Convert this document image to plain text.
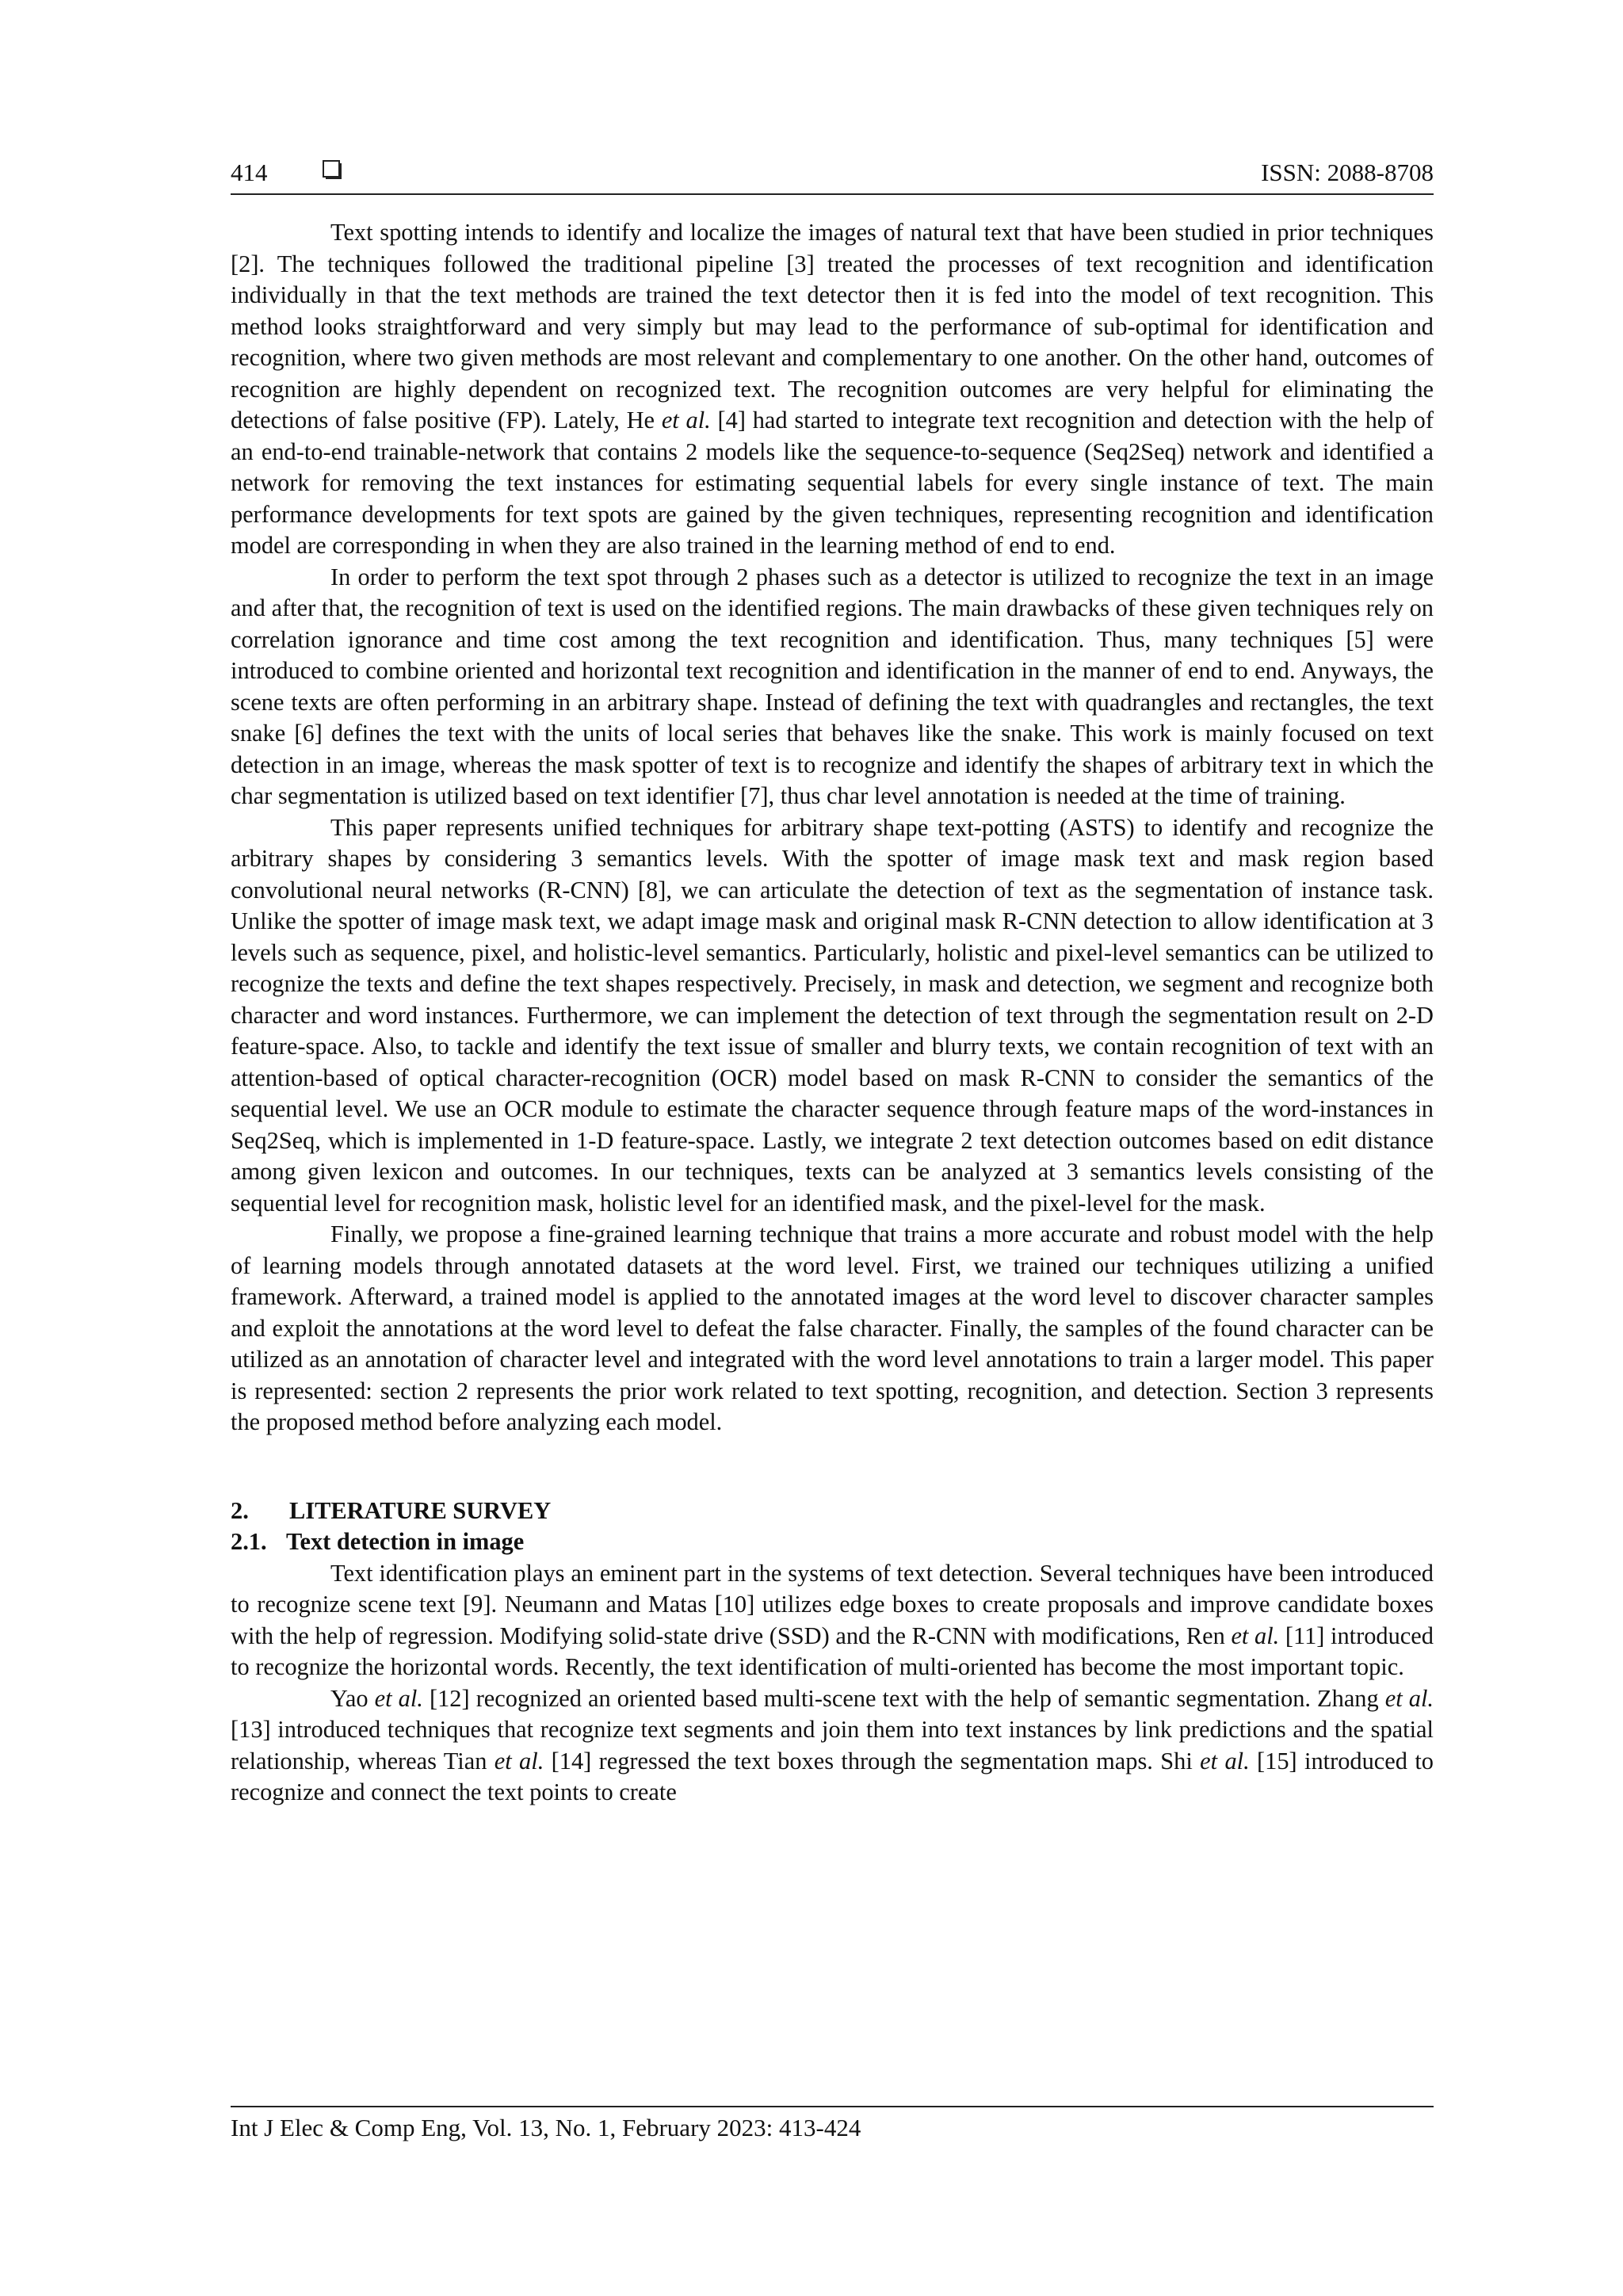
414	ISSN: 2088-8708

Text spotting intends to identify and localize the images of natural text that have been studied in prior techniques [2]. The techniques followed the traditional pipeline [3] treated the processes of text recognition and identification individually in that the text methods are trained the text detector then it is fed into the model of text recognition. This method looks straightforward and very simply but may lead to the performance of sub-optimal for identification and recognition, where two given methods are most relevant and complementary to one another. On the other hand, outcomes of recognition are highly dependent on recognized text. The recognition outcomes are very helpful for eliminating the detections of false positive (FP). Lately, He et al. [4] had started to integrate text recognition and detection with the help of an end-to-end trainable-network that contains 2 models like the sequence-to-sequence (Seq2Seq) network and identified a network for removing the text instances for estimating sequential labels for every single instance of text. The main performance developments for text spots are gained by the given techniques, representing recognition and identification model are corresponding in when they are also trained in the learning method of end to end.

In order to perform the text spot through 2 phases such as a detector is utilized to recognize the text in an image and after that, the recognition of text is used on the identified regions. The main drawbacks of these given techniques rely on correlation ignorance and time cost among the text recognition and identification. Thus, many techniques [5] were introduced to combine oriented and horizontal text recognition and identification in the manner of end to end. Anyways, the scene texts are often performing in an arbitrary shape. Instead of defining the text with quadrangles and rectangles, the text snake [6] defines the text with the units of local series that behaves like the snake. This work is mainly focused on text detection in an image, whereas the mask spotter of text is to recognize and identify the shapes of arbitrary text in which the char segmentation is utilized based on text identifier [7], thus char level annotation is needed at the time of training.

This paper represents unified techniques for arbitrary shape text-potting (ASTS) to identify and recognize the arbitrary shapes by considering 3 semantics levels. With the spotter of image mask text and mask region based convolutional neural networks (R-CNN) [8], we can articulate the detection of text as the segmentation of instance task. Unlike the spotter of image mask text, we adapt image mask and original mask R-CNN detection to allow identification at 3 levels such as sequence, pixel, and holistic-level semantics. Particularly, holistic and pixel-level semantics can be utilized to recognize the texts and define the text shapes respectively. Precisely, in mask and detection, we segment and recognize both character and word instances. Furthermore, we can implement the detection of text through the segmentation result on 2-D feature-space. Also, to tackle and identify the text issue of smaller and blurry texts, we contain recognition of text with an attention-based of optical character-recognition (OCR) model based on mask R-CNN to consider the semantics of the sequential level. We use an OCR module to estimate the character sequence through feature maps of the word-instances in Seq2Seq, which is implemented in 1-D feature-space. Lastly, we integrate 2 text detection outcomes based on edit distance among given lexicon and outcomes. In our techniques, texts can be analyzed at 3 semantics levels consisting of the sequential level for recognition mask, holistic level for an identified mask, and the pixel-level for the mask.

Finally, we propose a fine-grained learning technique that trains a more accurate and robust model with the help of learning models through annotated datasets at the word level. First, we trained our techniques utilizing a unified framework. Afterward, a trained model is applied to the annotated images at the word level to discover character samples and exploit the annotations at the word level to defeat the false character. Finally, the samples of the found character can be utilized as an annotation of character level and integrated with the word level annotations to train a larger model. This paper is represented: section 2 represents the prior work related to text spotting, recognition, and detection. Section 3 represents the proposed method before analyzing each model.

2. LITERATURE SURVEY

2.1. Text detection in image

Text identification plays an eminent part in the systems of text detection. Several techniques have been introduced to recognize scene text [9]. Neumann and Matas [10] utilizes edge boxes to create proposals and improve candidate boxes with the help of regression. Modifying solid-state drive (SSD) and the R-CNN with modifications, Ren et al. [11] introduced to recognize the horizontal words. Recently, the text identification of multi-oriented has become the most important topic.

Yao et al. [12] recognized an oriented based multi-scene text with the help of semantic segmentation. Zhang et al. [13] introduced techniques that recognize text segments and join them into text instances by link predictions and the spatial relationship, whereas Tian et al. [14] regressed the text boxes through the segmentation maps. Shi et al. [15] introduced to recognize and connect the text points to create

Int J Elec & Comp Eng, Vol. 13, No. 1, February 2023: 413-424
